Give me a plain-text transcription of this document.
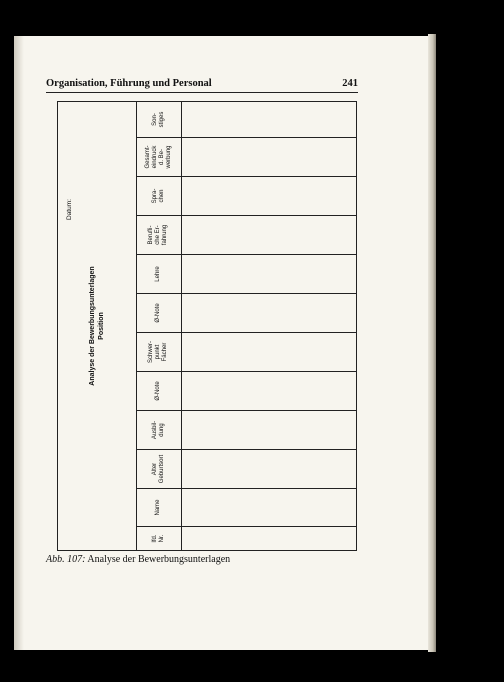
Organisation, Führung und Personal	241
Analyse der Bewerbungsunterlagen Position
Datum:
lfd.
Nr.
Name
Alter
Geburtsort
Ausbil-
dung
Ø-Note
Schwer-
punkt
Fächer
Ø-Note
Lehre
Berufli-
che Er-
fahrung
Spra-
chen
Gesamt-
eindruck
d. Be-
werbung
Son-
stiges
Abb. 107: Analyse der Bewerbungsunterlagen
